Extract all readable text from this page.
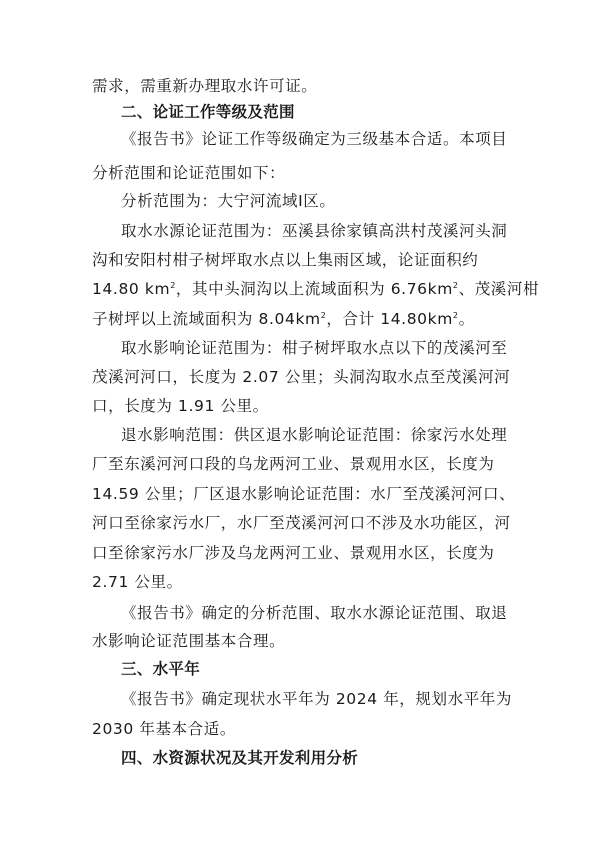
需求，需重新办理取水许可证。
二、论证工作等级及范围
《报告书》论证工作等级确定为三级基本合适。本项目
分析范围和论证范围如下：
分析范围为：大宁河流域Ⅰ区。
取水水源论证范围为：巫溪县徐家镇高洪村茂溪河头洞
沟和安阳村柑子树坪取水点以上集雨区域，论证面积约
14.80 $km^2$，其中头洞沟以上流域面积为 $6.76km^2$、茂溪河柑
子树坪以上流域面积为 $8.04km^2$，合计 $14.80km^2$。
取水影响论证范围为：柑子树坪取水点以下的茂溪河至
茂溪河河口，长度为 2.07 公里；头洞沟取水点至茂溪河河
口，长度为 1.91 公里。
退水影响范围：供区退水影响论证范围：徐家污水处理
厂至东溪河河口段的乌龙两河工业、景观用水区，长度为
14.59 公里；厂区退水影响论证范围：水厂至茂溪河河口、
河口至徐家污水厂，水厂至茂溪河河口不涉及水功能区，河
口至徐家污水厂涉及乌龙两河工业、景观用水区，长度为
2.71 公里。
《报告书》确定的分析范围、取水水源论证范围、取退
水影响论证范围基本合理。
三、水平年
《报告书》确定现状水平年为 2024 年，规划水平年为
2030 年基本合适。
四、水资源状况及其开发利用分析
